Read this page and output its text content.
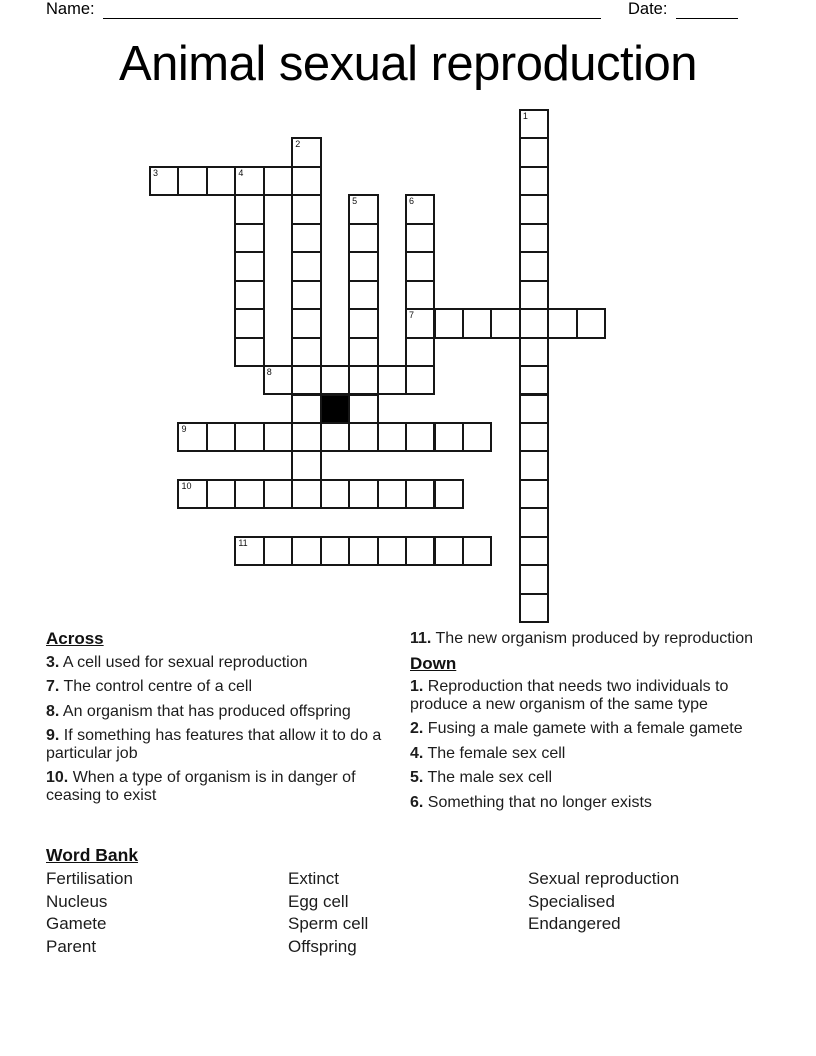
Name:	Date:
Animal sexual reproduction
3	4
7
8
9
10
11
1
2
5	6
Across

3. A cell used for sexual reproduction

7. The control centre of a cell

8. An organism that has produced offspring

9. If something has features that allow it to do a particular job

10. When a type of organism is in danger of ceasing to exist

11. The new organism produced by reproduction

Down

1. Reproduction that needs two individuals to produce a new organism of the same type

2. Fusing a male gamete with a female gamete

4. The female sex cell

5. The male sex cell

6. Something that no longer exists

Word Bank
Fertilisation
Nucleus
Gamete
Parent
Extinct
Egg cell
Sperm cell
Offspring
Sexual reproduction
Specialised
Endangered
